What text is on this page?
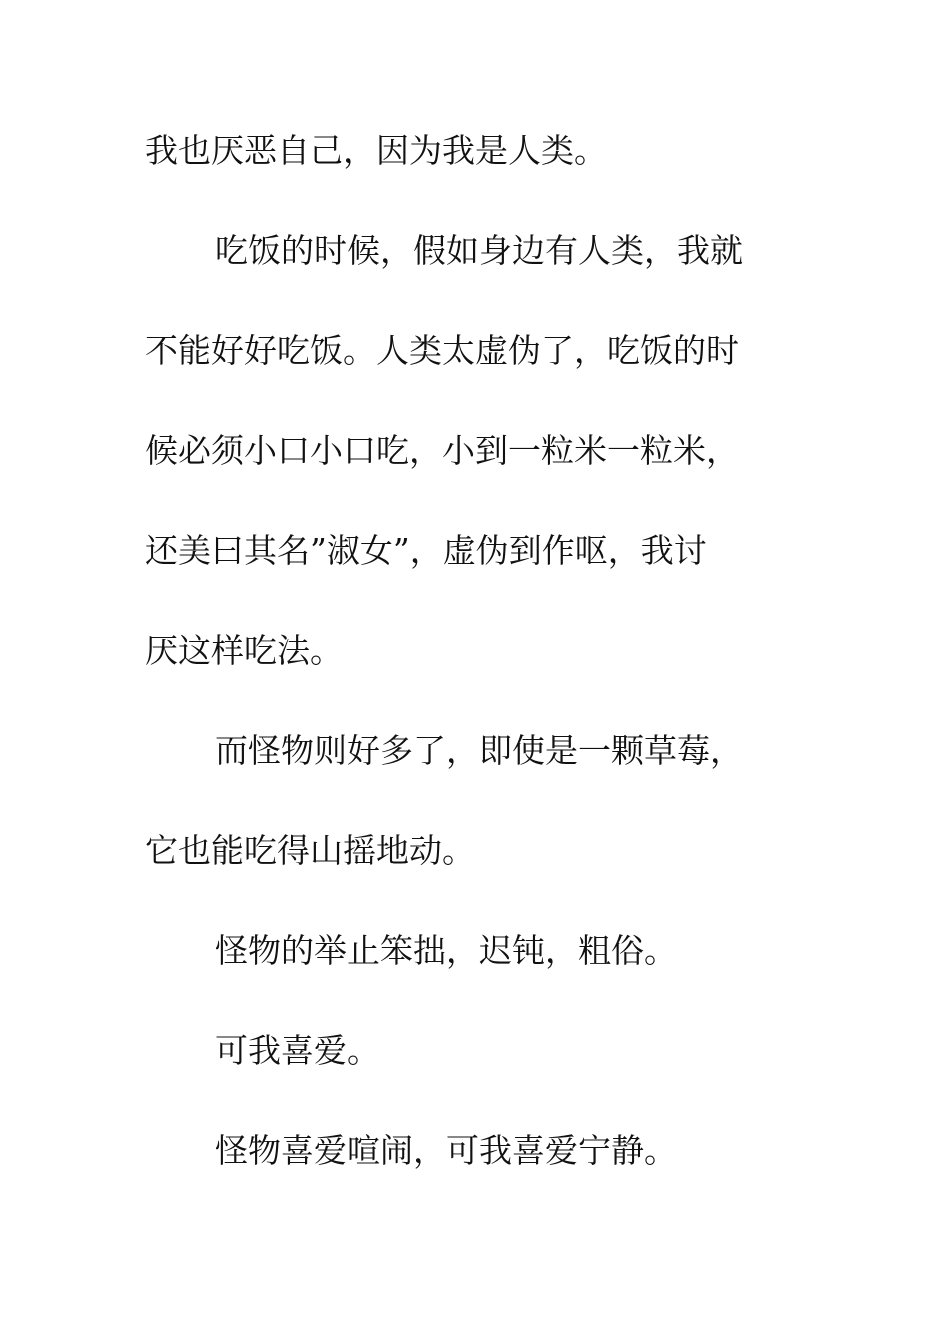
我也厌恶自己，因为我是人类。
吃饭的时候，假如身边有人类，我就
不能好好吃饭。人类太虚伪了，吃饭的时
候必须小口小口吃，小到一粒米一粒米，
还美曰其名”淑女”，虚伪到作呕，我讨
厌这样吃法。
而怪物则好多了，即使是一颗草莓，
它也能吃得山摇地动。
怪物的举止笨拙，迟钝，粗俗。
可我喜爱。
怪物喜爱喧闹，可我喜爱宁静。
